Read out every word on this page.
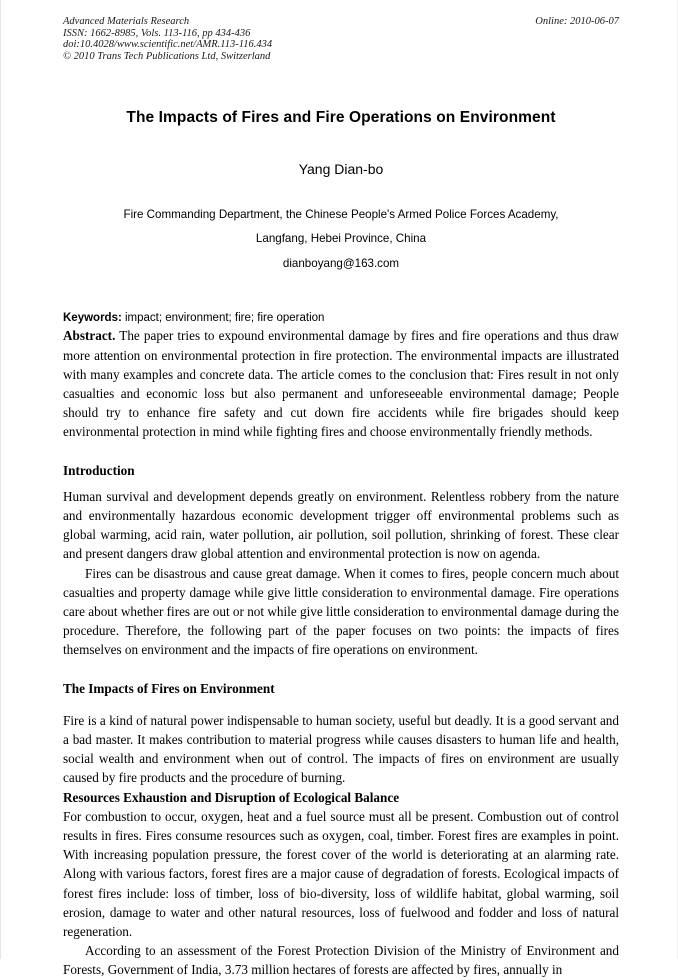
Advanced Materials Research
ISSN: 1662-8985, Vols. 113-116, pp 434-436
doi:10.4028/www.scientific.net/AMR.113-116.434
© 2010 Trans Tech Publications Ltd, Switzerland
Online: 2010-06-07
The Impacts of Fires and Fire Operations on Environment
Yang Dian-bo
Fire Commanding Department, the Chinese People's Armed Police Forces Academy,
Langfang, Hebei Province, China
dianboyang@163.com
Keywords: impact; environment; fire; fire operation

Abstract. The paper tries to expound environmental damage by fires and fire operations and thus draw more attention on environmental protection in fire protection. The environmental impacts are illustrated with many examples and concrete data. The article comes to the conclusion that: Fires result in not only casualties and economic loss but also permanent and unforeseeable environmental damage; People should try to enhance fire safety and cut down fire accidents while fire brigades should keep environmental protection in mind while fighting fires and choose environmentally friendly methods.

Introduction

Human survival and development depends greatly on environment. Relentless robbery from the nature and environmentally hazardous economic development trigger off environmental problems such as global warming, acid rain, water pollution, air pollution, soil pollution, shrinking of forest. These clear and present dangers draw global attention and environmental protection is now on agenda.

Fires can be disastrous and cause great damage. When it comes to fires, people concern much about casualties and property damage while give little consideration to environmental damage. Fire operations care about whether fires are out or not while give little consideration to environmental damage during the procedure. Therefore, the following part of the paper focuses on two points: the impacts of fires themselves on environment and the impacts of fire operations on environment.

The Impacts of Fires on Environment

Fire is a kind of natural power indispensable to human society, useful but deadly. It is a good servant and a bad master. It makes contribution to material progress while causes disasters to human life and health, social wealth and environment when out of control. The impacts of fires on environment are usually caused by fire products and the procedure of burning.

Resources Exhaustion and Disruption of Ecological Balance

For combustion to occur, oxygen, heat and a fuel source must all be present. Combustion out of control results in fires. Fires consume resources such as oxygen, coal, timber. Forest fires are examples in point. With increasing population pressure, the forest cover of the world is deteriorating at an alarming rate. Along with various factors, forest fires are a major cause of degradation of forests. Ecological impacts of forest fires include: loss of timber, loss of bio-diversity, loss of wildlife habitat, global warming, soil erosion, damage to water and other natural resources, loss of fuelwood and fodder and loss of natural regeneration.

According to an assessment of the Forest Protection Division of the Ministry of Environment and Forests, Government of India, 3.73 million hectares of forests are affected by fires, annually in
